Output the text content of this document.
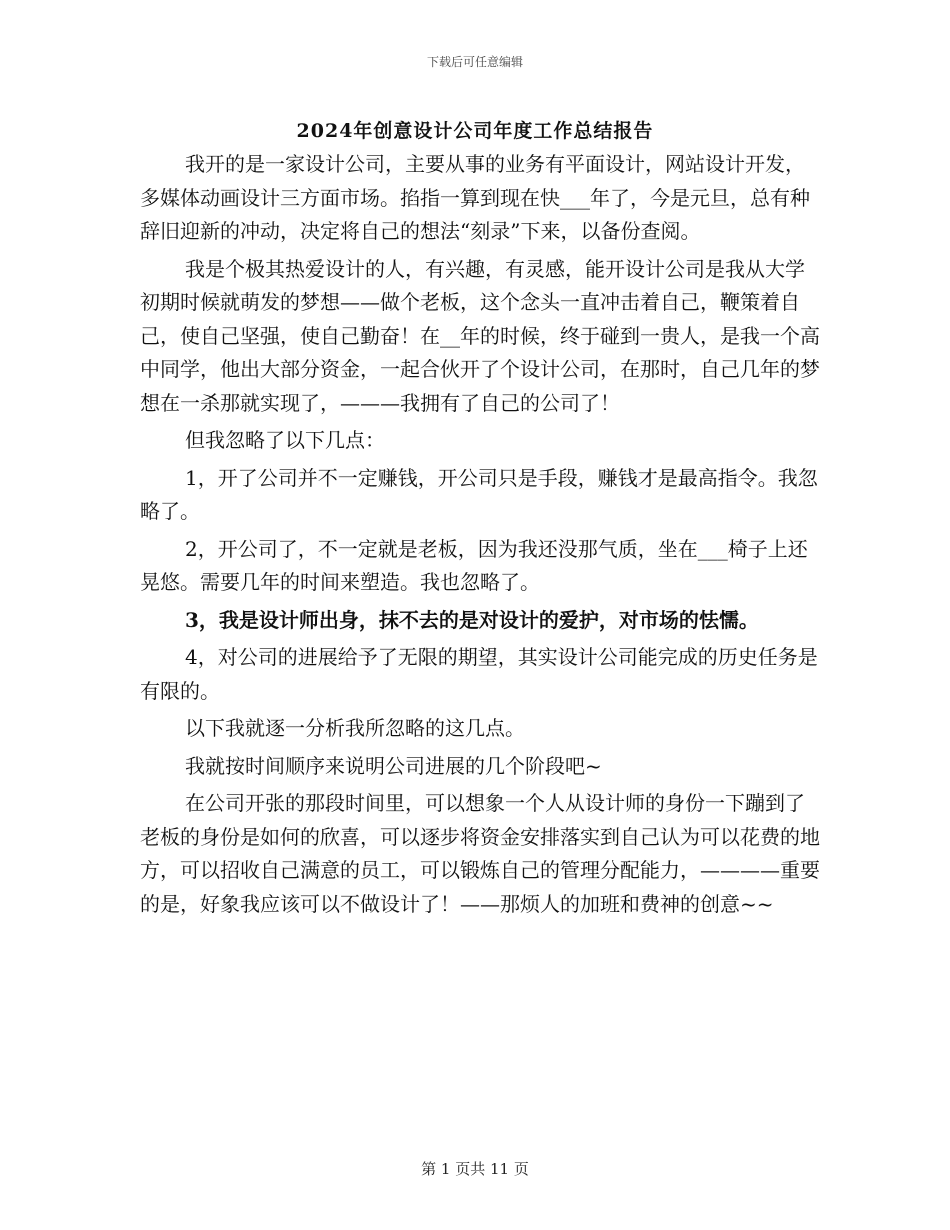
下载后可任意编辑
2024年创意设计公司年度工作总结报告

我开的是一家设计公司，主要从事的业务有平面设计，网站设计开发，多媒体动画设计三方面市场。掐指一算到现在快___年了，今是元旦，总有种辞旧迎新的冲动，决定将自己的想法“刻录”下来，以备份查阅。

我是个极其热爱设计的人，有兴趣，有灵感，能开设计公司是我从大学初期时候就萌发的梦想——做个老板，这个念头一直冲击着自己，鞭策着自己，使自己坚强，使自己勤奋！在__年的时候，终于碰到一贵人，是我一个高中同学，他出大部分资金，一起合伙开了个设计公司，在那时，自己几年的梦想在一杀那就实现了，———我拥有了自己的公司了！

但我忽略了以下几点：

1，开了公司并不一定赚钱，开公司只是手段，赚钱才是最高指令。我忽略了。

2，开公司了，不一定就是老板，因为我还没那气质，坐在___椅子上还晃悠。需要几年的时间来塑造。我也忽略了。

3，我是设计师出身，抹不去的是对设计的爱护，对市场的怯懦。

4，对公司的进展给予了无限的期望，其实设计公司能完成的历史任务是有限的。

以下我就逐一分析我所忽略的这几点。

我就按时间顺序来说明公司进展的几个阶段吧~

在公司开张的那段时间里，可以想象一个人从设计师的身份一下蹦到了老板的身份是如何的欣喜，可以逐步将资金安排落实到自己认为可以花费的地方，可以招收自己满意的员工，可以锻炼自己的管理分配能力，————重要的是，好象我应该可以不做设计了！——那烦人的加班和费神的创意~~

第 1 页共 11 页
